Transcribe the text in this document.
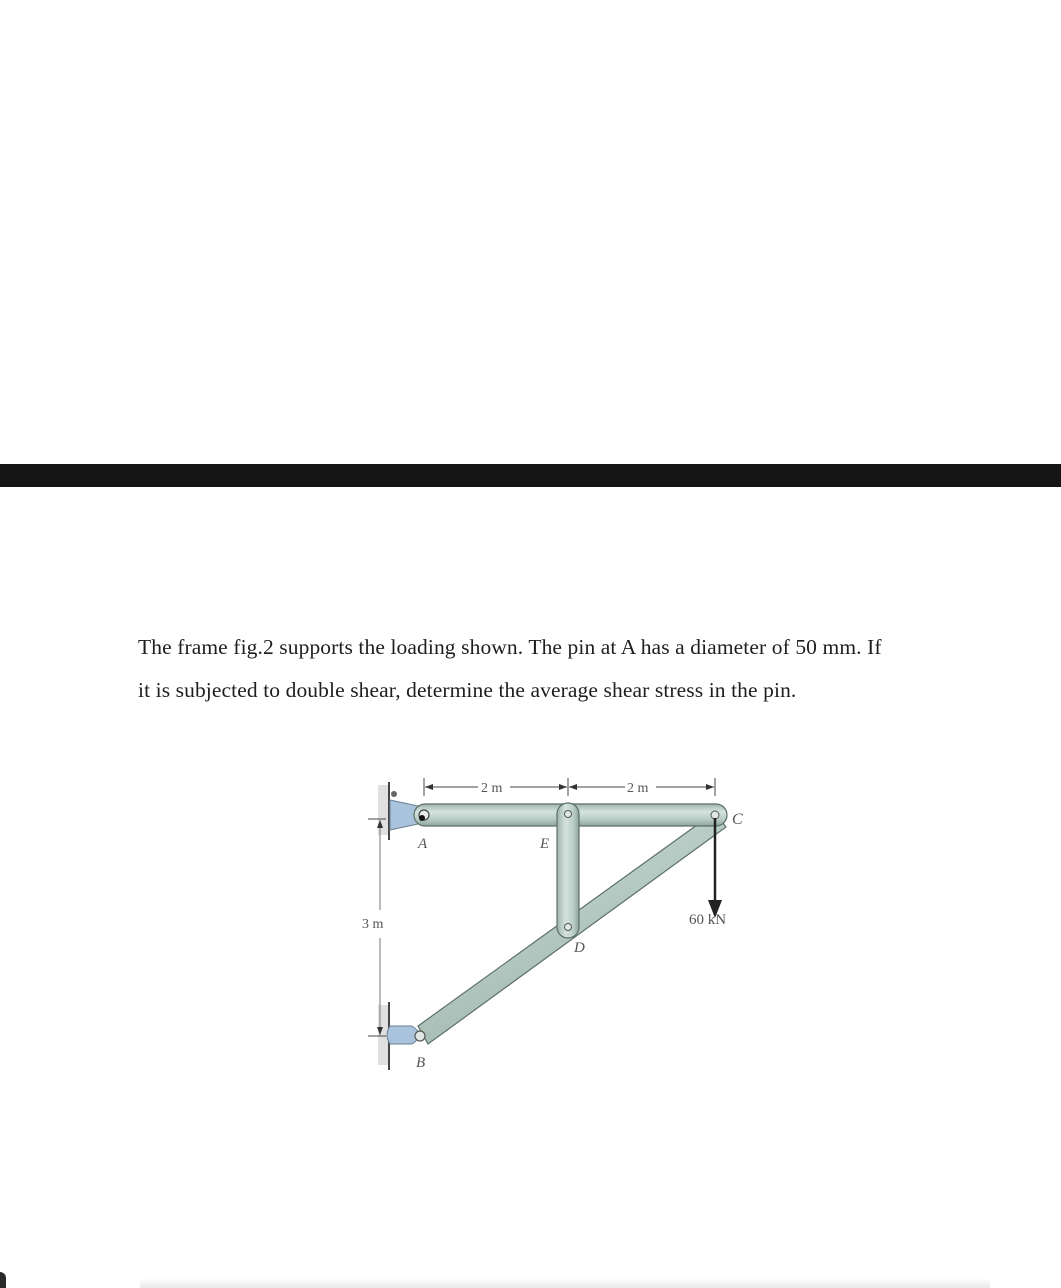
The frame fig.2 supports the loading shown. The pin at A has a diameter of 50 mm. If
it is subjected to double shear, determine the average shear stress in the pin.
2 m	2 m
3 m	60 kN
A	E
C
D
B
